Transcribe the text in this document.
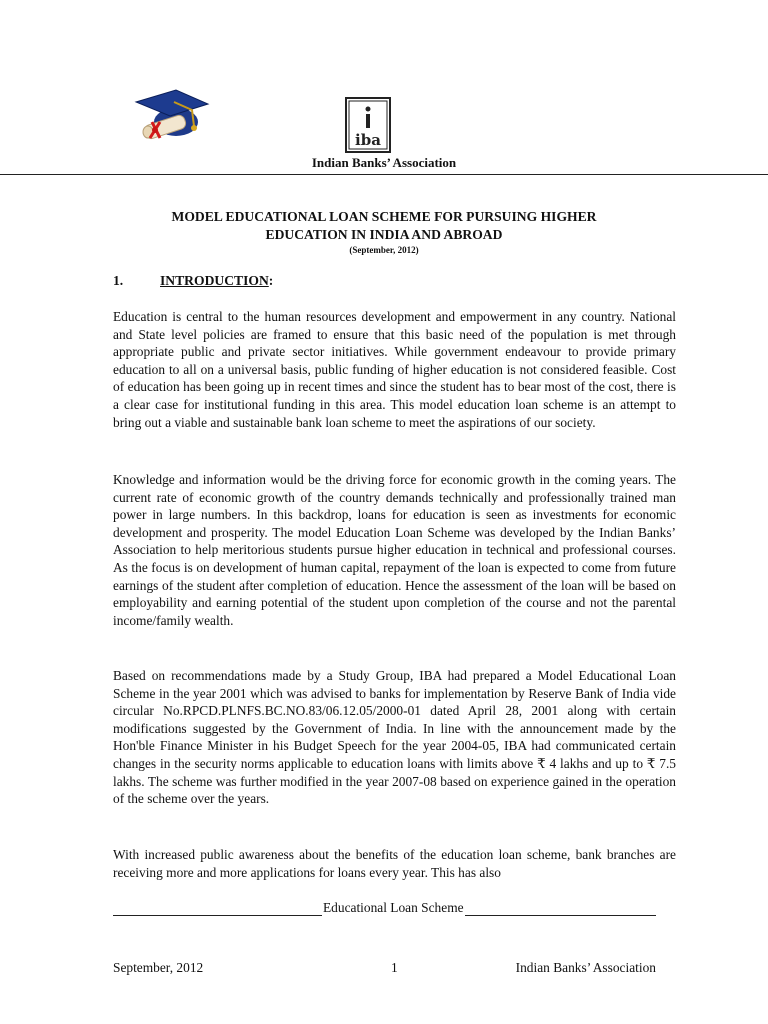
iba
Indian Banks’ Association
MODEL EDUCATIONAL LOAN SCHEME FOR PURSUING HIGHER
EDUCATION IN INDIA AND ABROAD
(September, 2012)
1.	INTRODUCTION:
Education is central to the human resources development and empowerment in any country. National and State level policies are framed to ensure that this basic need of the population is met through appropriate public and private sector initiatives. While government endeavour to provide primary education to all on a universal basis, public funding of higher education is not considered feasible. Cost of education has been going up in recent times and since the student has to bear most of the cost, there is a clear case for institutional funding in this area. This model education loan scheme is an attempt to bring out a viable and sustainable bank loan scheme to meet the aspirations of our society.
Knowledge and information would be the driving force for economic growth in the coming years. The current rate of economic growth of the country demands technically and professionally trained man power in large numbers. In this backdrop, loans for education is seen as investments for economic development and prosperity. The model Education Loan Scheme was developed by the Indian Banks’ Association to help meritorious students pursue higher education in technical and professional courses. As the focus is on development of human capital, repayment of the loan is expected to come from future earnings of the student after completion of education. Hence the assessment of the loan will be based on employability and earning potential of the student upon completion of the course and not the parental income/family wealth.
Based on recommendations made by a Study Group, IBA had prepared a Model Educational Loan Scheme in the year 2001 which was advised to banks for implementation by Reserve Bank of India vide circular No.RPCD.PLNFS.BC.NO.83/06.12.05/2000-01 dated April 28, 2001 along with certain modifications suggested by the Government of India. In line with the announcement made by the Hon'ble Finance Minister in his Budget Speech for the year 2004-05, IBA had communicated certain changes in the security norms applicable to education loans with limits above ₹ 4 lakhs and up to ₹ 7.5 lakhs. The scheme was further modified in the year 2007-08 based on experience gained in the operation of the scheme over the years.
With increased public awareness about the benefits of the education loan scheme, bank branches are receiving more and more applications for loans every year. This has also
Educational Loan Scheme
September, 2012	1	Indian Banks’ Association
